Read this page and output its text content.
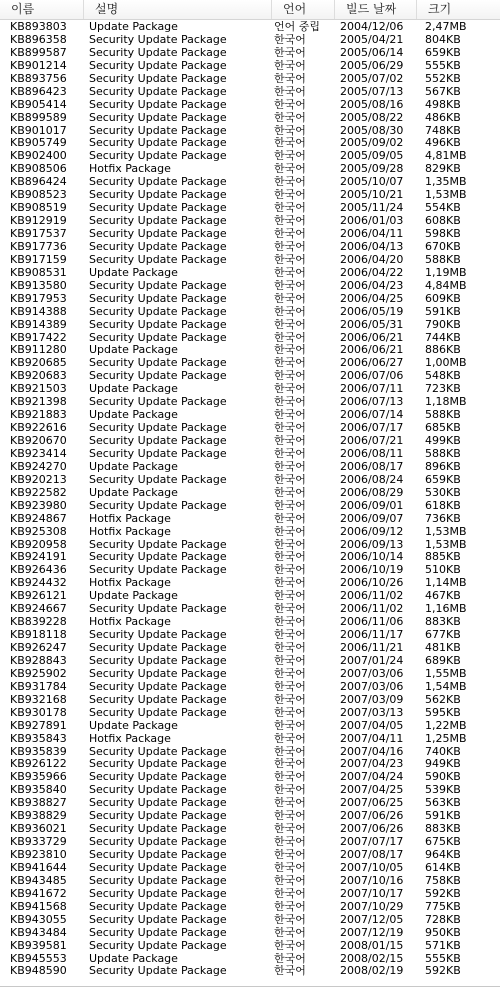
이름	설명	언어	빌드 날짜	크기
KB893803	Update Package	언어 중립	2004/12/06	2,47MB
KB896358	Security Update Package	한국어	2005/04/21	804KB
KB899587	Security Update Package	한국어	2005/06/14	659KB
KB901214	Security Update Package	한국어	2005/06/29	555KB
KB893756	Security Update Package	한국어	2005/07/02	552KB
KB896423	Security Update Package	한국어	2005/07/13	567KB
KB905414	Security Update Package	한국어	2005/08/16	498KB
KB899589	Security Update Package	한국어	2005/08/22	486KB
KB901017	Security Update Package	한국어	2005/08/30	748KB
KB905749	Security Update Package	한국어	2005/09/02	496KB
KB902400	Security Update Package	한국어	2005/09/05	4,81MB
KB908506	Hotfix Package	한국어	2005/09/28	829KB
KB896424	Security Update Package	한국어	2005/10/07	1,35MB
KB908523	Security Update Package	한국어	2005/10/21	1,53MB
KB908519	Security Update Package	한국어	2005/11/24	554KB
KB912919	Security Update Package	한국어	2006/01/03	608KB
KB917537	Security Update Package	한국어	2006/04/11	598KB
KB917736	Security Update Package	한국어	2006/04/13	670KB
KB917159	Security Update Package	한국어	2006/04/20	588KB
KB908531	Update Package	한국어	2006/04/22	1,19MB
KB913580	Security Update Package	한국어	2006/04/23	4,84MB
KB917953	Security Update Package	한국어	2006/04/25	609KB
KB914388	Security Update Package	한국어	2006/05/19	591KB
KB914389	Security Update Package	한국어	2006/05/31	790KB
KB917422	Security Update Package	한국어	2006/06/21	744KB
KB911280	Update Package	한국어	2006/06/21	886KB
KB920685	Security Update Package	한국어	2006/06/27	1,00MB
KB920683	Security Update Package	한국어	2006/07/06	548KB
KB921503	Update Package	한국어	2006/07/11	723KB
KB921398	Security Update Package	한국어	2006/07/13	1,18MB
KB921883	Update Package	한국어	2006/07/14	588KB
KB922616	Security Update Package	한국어	2006/07/17	685KB
KB920670	Security Update Package	한국어	2006/07/21	499KB
KB923414	Security Update Package	한국어	2006/08/11	588KB
KB924270	Update Package	한국어	2006/08/17	896KB
KB920213	Security Update Package	한국어	2006/08/24	659KB
KB922582	Update Package	한국어	2006/08/29	530KB
KB923980	Security Update Package	한국어	2006/09/01	618KB
KB924867	Hotfix Package	한국어	2006/09/07	736KB
KB925308	Hotfix Package	한국어	2006/09/12	1,53MB
KB920958	Security Update Package	한국어	2006/09/13	1,53MB
KB924191	Security Update Package	한국어	2006/10/14	885KB
KB926436	Security Update Package	한국어	2006/10/19	510KB
KB924432	Hotfix Package	한국어	2006/10/26	1,14MB
KB926121	Update Package	한국어	2006/11/02	467KB
KB924667	Security Update Package	한국어	2006/11/02	1,16MB
KB839228	Hotfix Package	한국어	2006/11/06	883KB
KB918118	Security Update Package	한국어	2006/11/17	677KB
KB926247	Security Update Package	한국어	2006/11/21	481KB
KB928843	Security Update Package	한국어	2007/01/24	689KB
KB925902	Security Update Package	한국어	2007/03/06	1,55MB
KB931784	Security Update Package	한국어	2007/03/06	1,54MB
KB932168	Security Update Package	한국어	2007/03/09	562KB
KB930178	Security Update Package	한국어	2007/03/13	595KB
KB927891	Update Package	한국어	2007/04/05	1,22MB
KB935843	Hotfix Package	한국어	2007/04/11	1,25MB
KB935839	Security Update Package	한국어	2007/04/16	740KB
KB926122	Security Update Package	한국어	2007/04/23	949KB
KB935966	Security Update Package	한국어	2007/04/24	590KB
KB935840	Security Update Package	한국어	2007/04/25	539KB
KB938827	Security Update Package	한국어	2007/06/25	563KB
KB938829	Security Update Package	한국어	2007/06/26	591KB
KB936021	Security Update Package	한국어	2007/06/26	883KB
KB933729	Security Update Package	한국어	2007/07/17	675KB
KB923810	Security Update Package	한국어	2007/08/17	964KB
KB941644	Security Update Package	한국어	2007/10/05	614KB
KB943485	Security Update Package	한국어	2007/10/16	758KB
KB941672	Security Update Package	한국어	2007/10/17	592KB
KB941568	Security Update Package	한국어	2007/10/29	775KB
KB943055	Security Update Package	한국어	2007/12/05	728KB
KB943484	Security Update Package	한국어	2007/12/19	950KB
KB939581	Security Update Package	한국어	2008/01/15	571KB
KB945553	Update Package	한국어	2008/02/15	555KB
KB948590	Security Update Package	한국어	2008/02/19	592KB
